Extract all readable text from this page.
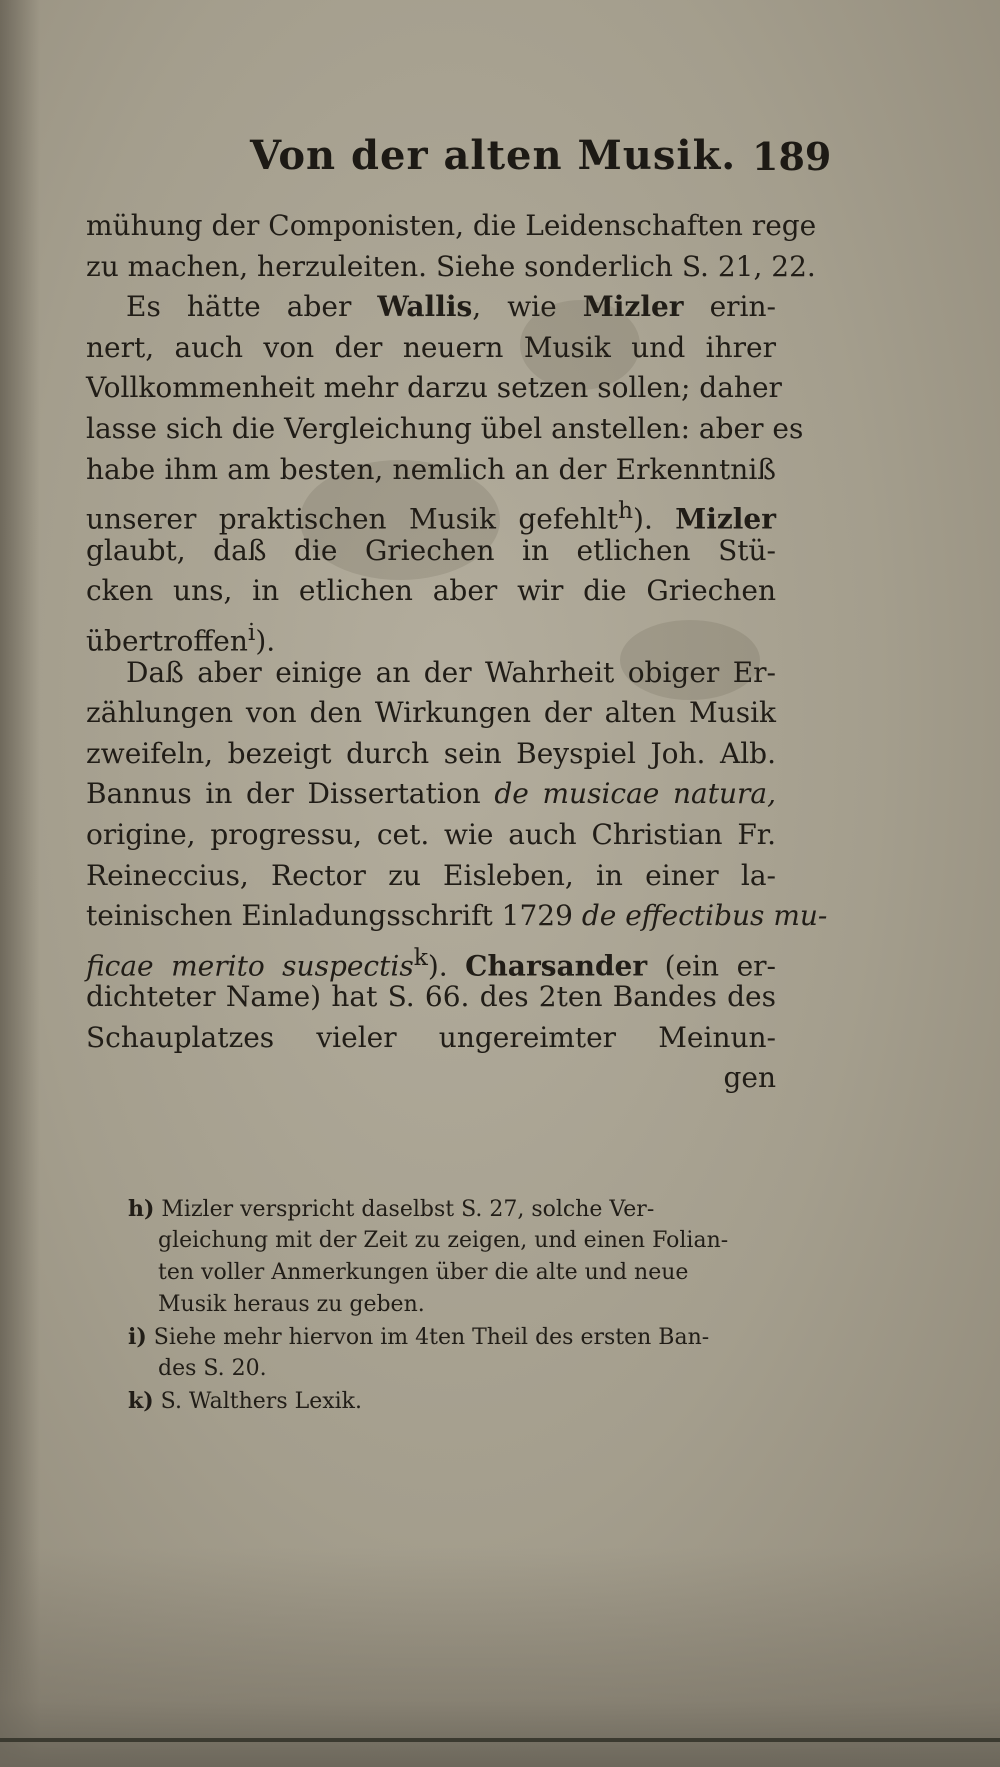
Von der alten Musik. 189
mühung der Componisten, die Leidenschaften rege
zu machen, herzuleiten. Siehe sonderlich S. 21, 22.
Es hätte aber Wallis, wie Mizler erin-
nert, auch von der neuern Musik und ihrer
Vollkommenheit mehr darzu setzen sollen; daher
lasse sich die Vergleichung übel anstellen: aber es
habe ihm am besten, nemlich an der Erkenntniß
unserer praktischen Musik gefehlt$^h$). Mizler
glaubt, daß die Griechen in etlichen Stü-
cken uns, in etlichen aber wir die Griechen
übertroffen$^i$).
Daß aber einige an der Wahrheit obiger Er-
zählungen von den Wirkungen der alten Musik
zweifeln, bezeigt durch sein Beyspiel Joh. Alb.
Bannus in der Dissertation de musicae natura,
origine, progressu, cet. wie auch Christian Fr.
Reineccius, Rector zu Eisleben, in einer la-
teinischen Einladungsschrift 1729 de effectibus mu-
ficae merito suspectis$^k$). Charsander (ein er-
dichteter Name) hat S. 66. des 2ten Bandes des
Schauplatzes vieler ungereimter Meinun-
gen
h) Mizler verspricht daselbst S. 27, solche Ver-
gleichung mit der Zeit zu zeigen, und einen Folian-
ten voller Anmerkungen über die alte und neue
Musik heraus zu geben.
i) Siehe mehr hiervon im 4ten Theil des ersten Ban-
des S. 20.
k) S. Walthers Lexik.
